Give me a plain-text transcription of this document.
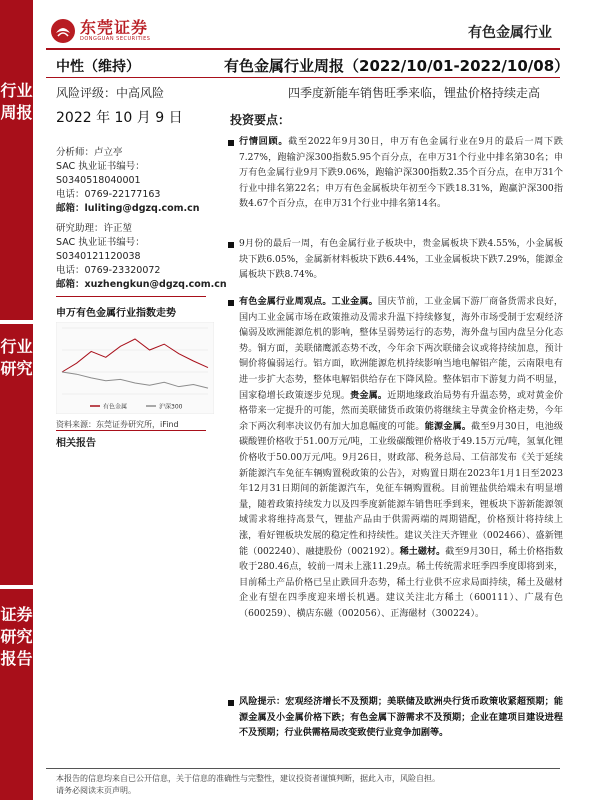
行业周报
行业研究
证券研究报告
东莞证券
DONGGUAN SECURITIES	有色金属行业
中性（维持）	有色金属行业周报（2022/10/01-2022/10/08）
风险评级：中高风险	四季度新能车销售旺季来临，锂盐价格持续走高
2022 年 10 月 9 日	投资要点：
分析师：卢立亭
SAC 执业证书编号：
S0340518040001
电话：0769-22177163
邮箱：luliting@dgzq.com.cn
研究助理：许正堃
SAC 执业证书编号：
S0340121120038
电话：0769-23320072
邮箱：xuzhengkun@dgzq.com.cn
申万有色金属行业指数走势
有色金属	沪深300
资料来源：东莞证券研究所，iFind
相关报告
行情回顾。截至2022年9月30日，申万有色金属行业在9月的最后一周下跌7.27%，跑输沪深300指数5.95个百分点，在申万31个行业中排名第30名；申万有色金属行业9月下跌9.06%，跑输沪深300指数2.35个百分点，在申万31个行业中排名第22名；申万有色金属板块年初至今下跌18.31%，跑赢沪深300指数4.67个百分点，在申万31个行业中排名第14名。
9月份的最后一周，有色金属行业子板块中，贵金属板块下跌4.55%，小金属板块下跌6.05%，金属新材料板块下跌6.44%，工业金属板块下跌7.29%，能源金属板块下跌8.74%。
有色金属行业周观点。工业金属。国庆节前，工业金属下游厂商备货需求良好，国内工业金属市场在政策推动及需求升温下持续修复，海外市场受制于宏观经济偏弱及欧洲能源危机的影响，整体呈弱势运行的态势，海外盘与国内盘呈分化态势。铜方面，美联储鹰派态势不改，今年余下两次联储会议或将持续加息，预计铜价将偏弱运行。铝方面，欧洲能源危机持续影响当地电解铝产能，云南限电有进一步扩大态势，整体电解铝供给存在下降风险。整体铝市下游复力尚不明显，国家稳增长政策逐步兑现。贵金属。近期地缘政治局势有升温态势，或对黄金价格带来一定提升的可能，然而美联储货币政策仍将继续主导黄金价格走势，今年余下两次利率决议仍有加大加息幅度的可能。能源金属。截至9月30日，电池级碳酸锂价格收于51.00万元/吨，工业级碳酸锂价格收于49.15万元/吨，氢氧化锂价格收于50.00万元/吨。9月26日，财政部、税务总局、工信部发布《关于延续新能源汽车免征车辆购置税政策的公告》，对购置日期在2023年1月1日至2023年12月31日期间的新能源汽车，免征车辆购置税。目前锂盐供给端未有明显增量，随着政策持续发力以及四季度新能源车销售旺季到来，锂板块下游新能源领域需求将维持高景气，锂盐产品由于供需两端的周期错配，价格预计将持续上涨，看好锂板块发展的稳定性和持续性。建议关注天齐锂业（002466）、盛新锂能（002240）、融捷股份（002192）。稀土磁材。截至9月30日，稀土价格指数收于280.46点，较前一周未上涨11.29点。稀土传统需求旺季四季度即将到来，目前稀土产品价格已呈止跌回升态势，稀土行业供不应求局面持续，稀土及磁材企业有望在四季度迎来增长机遇。建议关注北方稀土（600111）、广晟有色（600259）、横店东磁（002056）、正海磁材（300224）。
风险提示：宏观经济增长不及预期；美联储及欧洲央行货币政策收紧超预期；能源金属及小金属价格下跌；有色金属下游需求不及预期；企业在建项目建设进程不及预期；行业供需格局改变致使行业竞争加剧等。
本报告的信息均来自已公开信息，关于信息的准确性与完整性，建议投资者谨慎判断，据此入市，风险自担。
请务必阅读末页声明。
